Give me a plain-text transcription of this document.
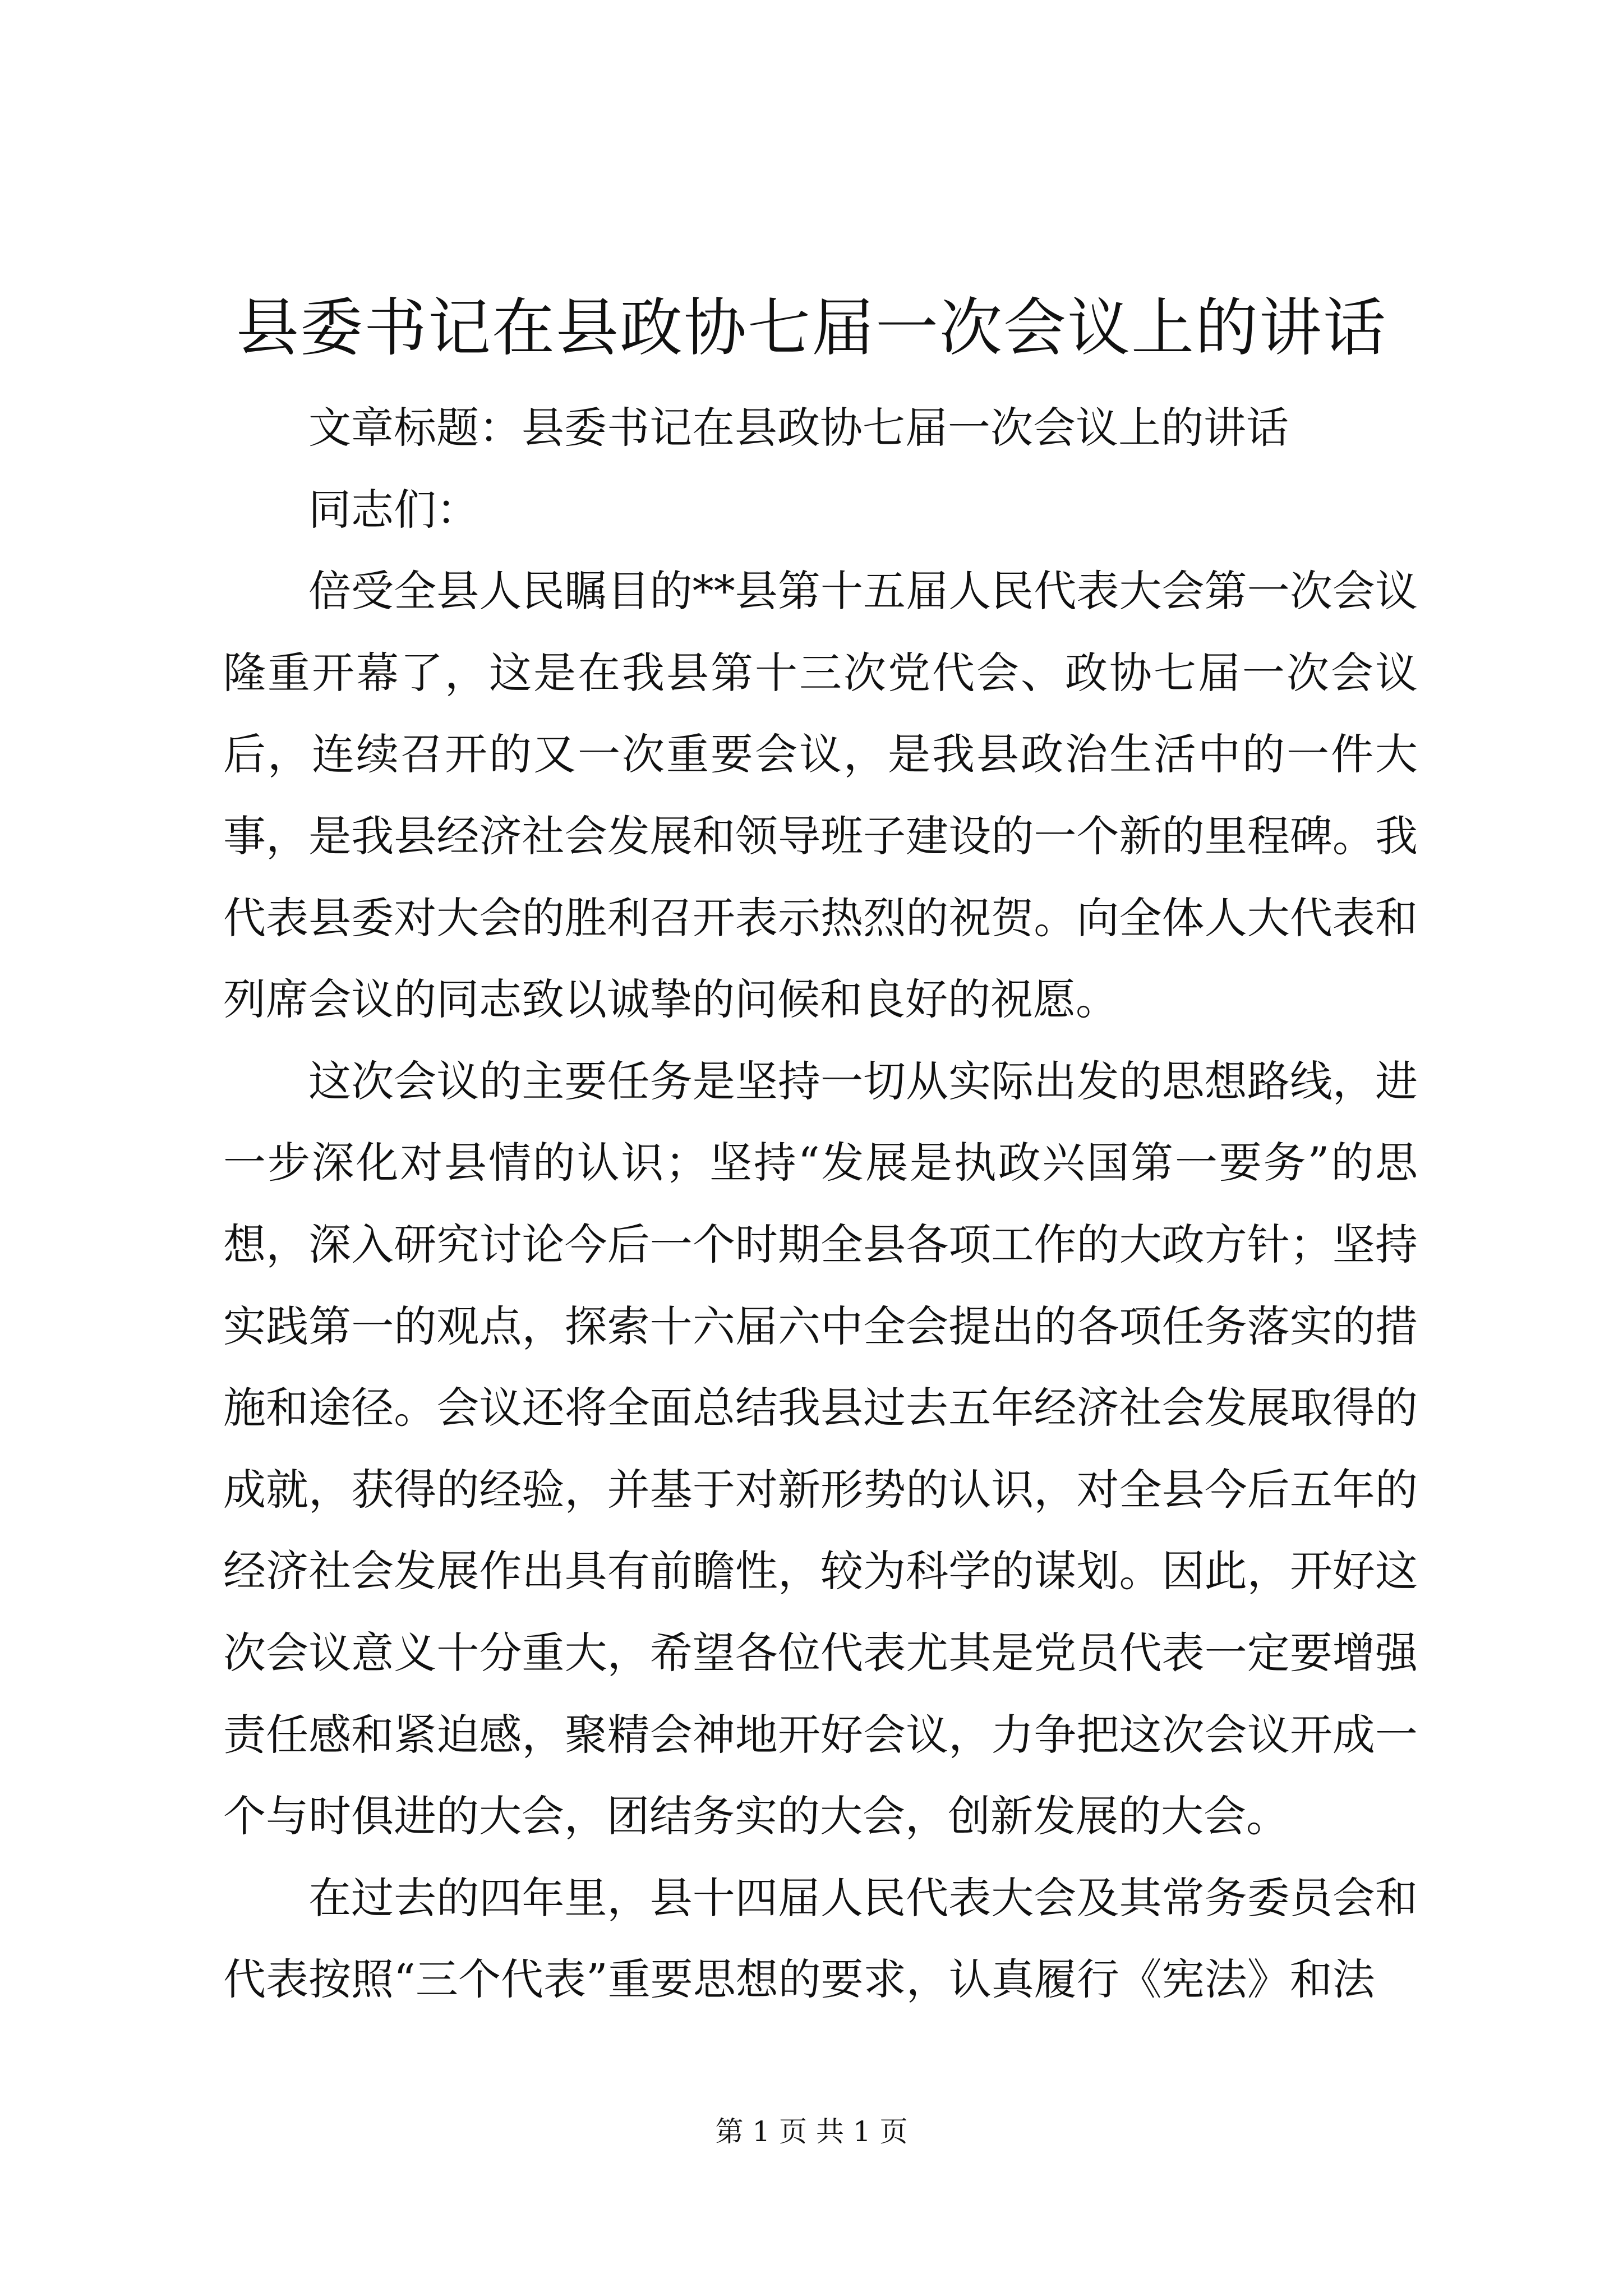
县委书记在县政协七届一次会议上的讲话

文章标题：县委书记在县政协七届一次会议上的讲话

同志们：

倍受全县人民瞩目的**县第十五届人民代表大会第一次会议隆重开幕了，这是在我县第十三次党代会、政协七届一次会议后，连续召开的又一次重要会议，是我县政治生活中的一件大事，是我县经济社会发展和领导班子建设的一个新的里程碑。我代表县委对大会的胜利召开表示热烈的祝贺。向全体人大代表和列席会议的同志致以诚挚的问候和良好的祝愿。

这次会议的主要任务是坚持一切从实际出发的思想路线，进一步深化对县情的认识；坚持“发展是执政兴国第一要务”的思想，深入研究讨论今后一个时期全县各项工作的大政方针；坚持实践第一的观点，探索十六届六中全会提出的各项任务落实的措施和途径。会议还将全面总结我县过去五年经济社会发展取得的成就，获得的经验，并基于对新形势的认识，对全县今后五年的经济社会发展作出具有前瞻性，较为科学的谋划。因此，开好这次会议意义十分重大，希望各位代表尤其是党员代表一定要增强责任感和紧迫感，聚精会神地开好会议，力争把这次会议开成一个与时俱进的大会，团结务实的大会，创新发展的大会。

在过去的四年里，县十四届人民代表大会及其常务委员会和代表按照“三个代表”重要思想的要求，认真履行《宪法》和法

第 1 页 共 1 页
